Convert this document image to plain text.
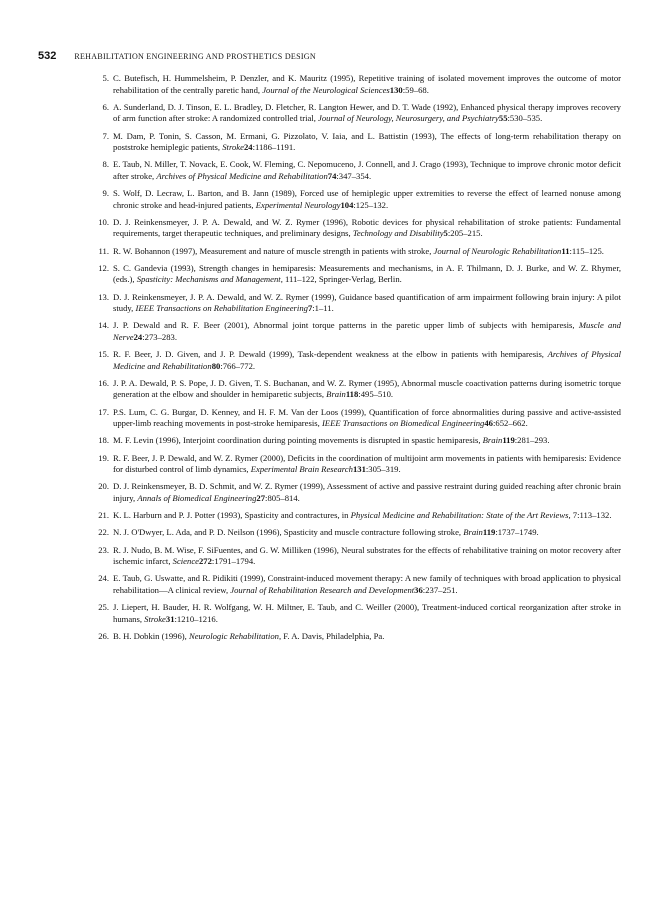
532 REHABILITATION ENGINEERING AND PROSTHETICS DESIGN
5. C. Butefisch, H. Hummelsheim, P. Denzler, and K. Mauritz (1995), Repetitive training of isolated movement improves the outcome of motor rehabilitation of the centrally paretic hand, Journal of the Neurological Sciences130:59–68.
6. A. Sunderland, D. J. Tinson, E. L. Bradley, D. Fletcher, R. Langton Hewer, and D. T. Wade (1992), Enhanced physical therapy improves recovery of arm function after stroke: A randomized controlled trial, Journal of Neurology, Neurosurgery, and Psychiatry55:530–535.
7. M. Dam, P. Tonin, S. Casson, M. Ermani, G. Pizzolato, V. Iaia, and L. Battistin (1993), The effects of long-term rehabilitation therapy on poststroke hemiplegic patients, Stroke24:1186–1191.
8. E. Taub, N. Miller, T. Novack, E. Cook, W. Fleming, C. Nepomuceno, J. Connell, and J. Crago (1993), Technique to improve chronic motor deficit after stroke, Archives of Physical Medicine and Rehabilitation74:347–354.
9. S. Wolf, D. Lecraw, L. Barton, and B. Jann (1989), Forced use of hemiplegic upper extremities to reverse the effect of learned nonuse among chronic stroke and head-injured patients, Experimental Neurology104:125–132.
10. D. J. Reinkensmeyer, J. P. A. Dewald, and W. Z. Rymer (1996), Robotic devices for physical rehabilitation of stroke patients: Fundamental requirements, target therapeutic techniques, and preliminary designs, Technology and Disability5:205–215.
11. R. W. Bohannon (1997), Measurement and nature of muscle strength in patients with stroke, Journal of Neurologic Rehabilitation11:115–125.
12. S. C. Gandevia (1993), Strength changes in hemiparesis: Measurements and mechanisms, in A. F. Thilmann, D. J. Burke, and W. Z. Rhymer, (eds.), Spasticity: Mechanisms and Management, 111–122, Springer-Verlag, Berlin.
13. D. J. Reinkensmeyer, J. P. A. Dewald, and W. Z. Rymer (1999), Guidance based quantification of arm impairment following brain injury: A pilot study, IEEE Transactions on Rehabilitation Engineering7:1–11.
14. J. P. Dewald and R. F. Beer (2001), Abnormal joint torque patterns in the paretic upper limb of subjects with hemiparesis, Muscle and Nerve24:273–283.
15. R. F. Beer, J. D. Given, and J. P. Dewald (1999), Task-dependent weakness at the elbow in patients with hemiparesis, Archives of Physical Medicine and Rehabilitation80:766–772.
16. J. P. A. Dewald, P. S. Pope, J. D. Given, T. S. Buchanan, and W. Z. Rymer (1995), Abnormal muscle coactivation patterns during isometric torque generation at the elbow and shoulder in hemiparetic subjects, Brain118:495–510.
17. P.S. Lum, C. G. Burgar, D. Kenney, and H. F. M. Van der Loos (1999), Quantification of force abnormalities during passive and active-assisted upper-limb reaching movements in post-stroke hemiparesis, IEEE Transactions on Biomedical Engineering46:652–662.
18. M. F. Levin (1996), Interjoint coordination during pointing movements is disrupted in spastic hemiparesis, Brain119:281–293.
19. R. F. Beer, J. P. Dewald, and W. Z. Rymer (2000), Deficits in the coordination of multijoint arm movements in patients with hemiparesis: Evidence for disturbed control of limb dynamics, Experimental Brain Research131:305–319.
20. D. J. Reinkensmeyer, B. D. Schmit, and W. Z. Rymer (1999), Assessment of active and passive restraint during guided reaching after chronic brain injury, Annals of Biomedical Engineering27:805–814.
21. K. L. Harburn and P. J. Potter (1993), Spasticity and contractures, in Physical Medicine and Rehabilitation: State of the Art Reviews, 7:113–132.
22. N. J. O'Dwyer, L. Ada, and P. D. Neilson (1996), Spasticity and muscle contracture following stroke, Brain119:1737–1749.
23. R. J. Nudo, B. M. Wise, F. SiFuentes, and G. W. Milliken (1996), Neural substrates for the effects of rehabilitative training on motor recovery after ischemic infarct, Science272:1791–1794.
24. E. Taub, G. Uswatte, and R. Pidikiti (1999), Constraint-induced movement therapy: A new family of techniques with broad application to physical rehabilitation—A clinical review, Journal of Rehabilitation Research and Development36:237–251.
25. J. Liepert, H. Bauder, H. R. Wolfgang, W. H. Miltner, E. Taub, and C. Weiller (2000), Treatment-induced cortical reorganization after stroke in humans, Stroke31:1210–1216.
26. B. H. Dobkin (1996), Neurologic Rehabilitation, F. A. Davis, Philadelphia, Pa.
